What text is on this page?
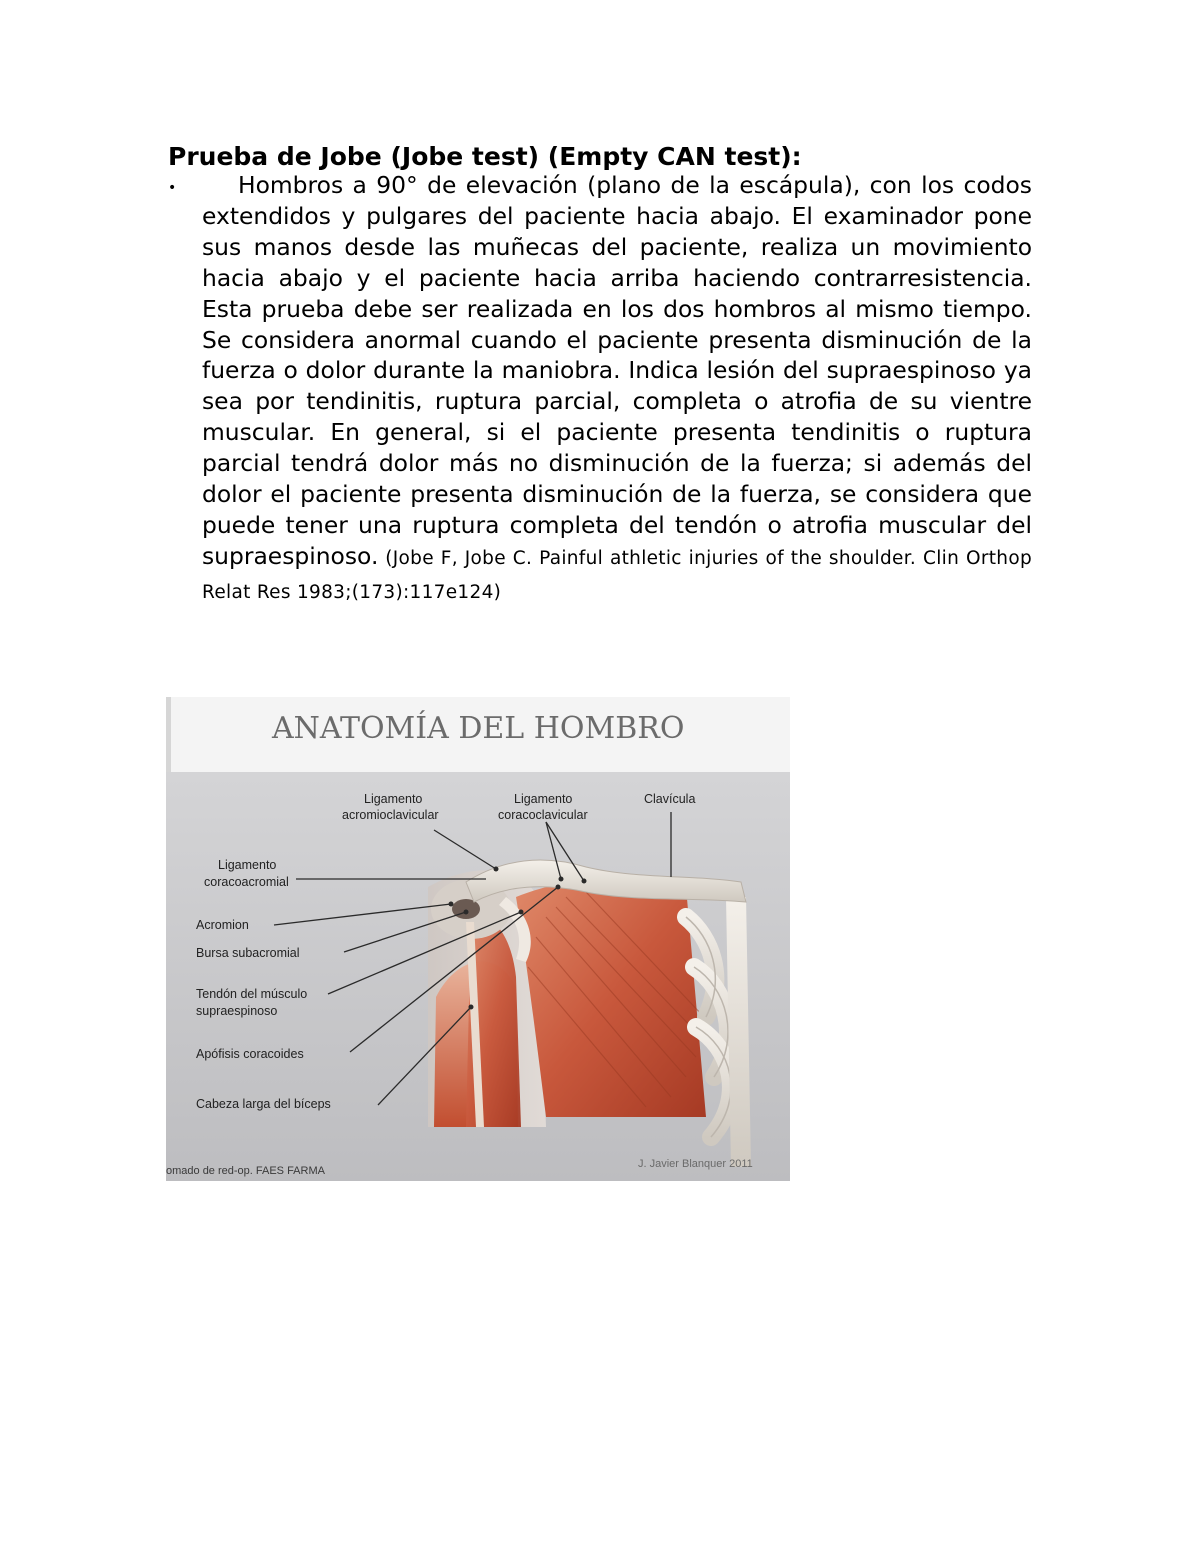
Prueba de Jobe (Jobe test) (Empty CAN test):
•	Hombros a 90° de elevación (plano de la escápula), con los codos extendidos y pulgares del paciente hacia abajo. El examinador pone sus manos desde las muñecas del paciente, realiza un movimiento hacia abajo y el paciente hacia arriba haciendo contrarresistencia. Esta prueba debe ser realizada en los dos hombros al mismo tiempo. Se considera anormal cuando el paciente presenta disminución de la fuerza o dolor durante la maniobra. Indica lesión del supraespinoso ya sea por tendinitis, ruptura parcial, completa o atrofia de su vientre muscular. En general, si el paciente presenta tendinitis o ruptura parcial tendrá dolor más no disminución de la fuerza; si además del dolor el paciente presenta disminución de la fuerza, se considera que puede tener una ruptura completa del tendón o atrofia muscular del supraespinoso. (Jobe F, Jobe C. Painful athletic injuries of the shoulder. Clin Orthop Relat Res 1983;(173):117e124)

ANATOMÍA DEL HOMBRO
Ligamento
acromioclavicular
Ligamento
coracoclavicular
Clavícula
Ligamento
coracoacromial
Acromion
Bursa subacromial
Tendón del músculo
supraespinoso
Apófisis coracoides
Cabeza larga del bíceps
omado de red-op. FAES FARMA
J. Javier Blanquer 2011
